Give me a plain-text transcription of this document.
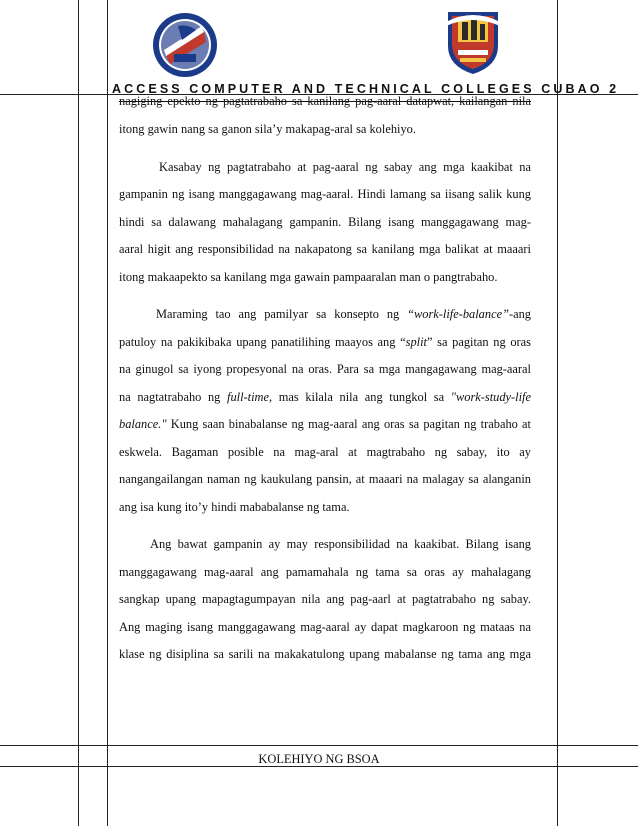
ACCESS COMPUTER AND TECHNICAL COLLEGES CUBAO 2
nagiging epekto ng pagtatrabaho sa kanilang pag-aaral datapwat, kailangan nila
itong gawin nang sa ganon sila’y makapag-aral sa kolehiyo.
Kasabay ng pagtatrabaho at pag-aaral ng sabay ang mga kaakibat na
gampanin ng isang manggagawang mag-aaral. Hindi lamang sa iisang salik kung
hindi sa dalawang mahalagang gampanin. Bilang isang manggagawang mag-
aaral higit ang responsibilidad na nakapatong sa kanilang mga balikat at maaari
itong makaapekto sa kanilang mga gawain pampaaralan man o pangtrabaho.
Maraming tao ang pamilyar sa konsepto ng “work-life-balance”-ang
patuloy na pakikibaka upang panatilihing maayos ang “split” sa pagitan ng oras
na ginugol sa iyong propesyonal na oras. Para sa mga mangagawang mag-aaral
na nagtatrabaho ng full-time, mas kilala nila ang tungkol sa "work-study-life
balance." Kung saan binabalanse ng mag-aaral ang oras sa pagitan ng trabaho at
eskwela. Bagaman posible na mag-aral at magtrabaho ng sabay, ito ay
nangangailangan naman ng kaukulang pansin, at maaari na malagay sa alanganin
ang isa kung ito’y hindi mababalanse ng tama.
Ang bawat gampanin ay may responsibilidad na kaakibat. Bilang isang
manggagawang mag-aaral ang pamamahala ng tama sa oras ay mahalagang
sangkap upang mapagtagumpayan nila ang pag-aarl at pagtatrabaho ng sabay.
Ang maging isang manggagawang mag-aaral ay dapat magkaroon ng mataas na
klase ng disiplina sa sarili na makakatulong upang mabalanse ng tama ang mga
KOLEHIYO NG BSOA
